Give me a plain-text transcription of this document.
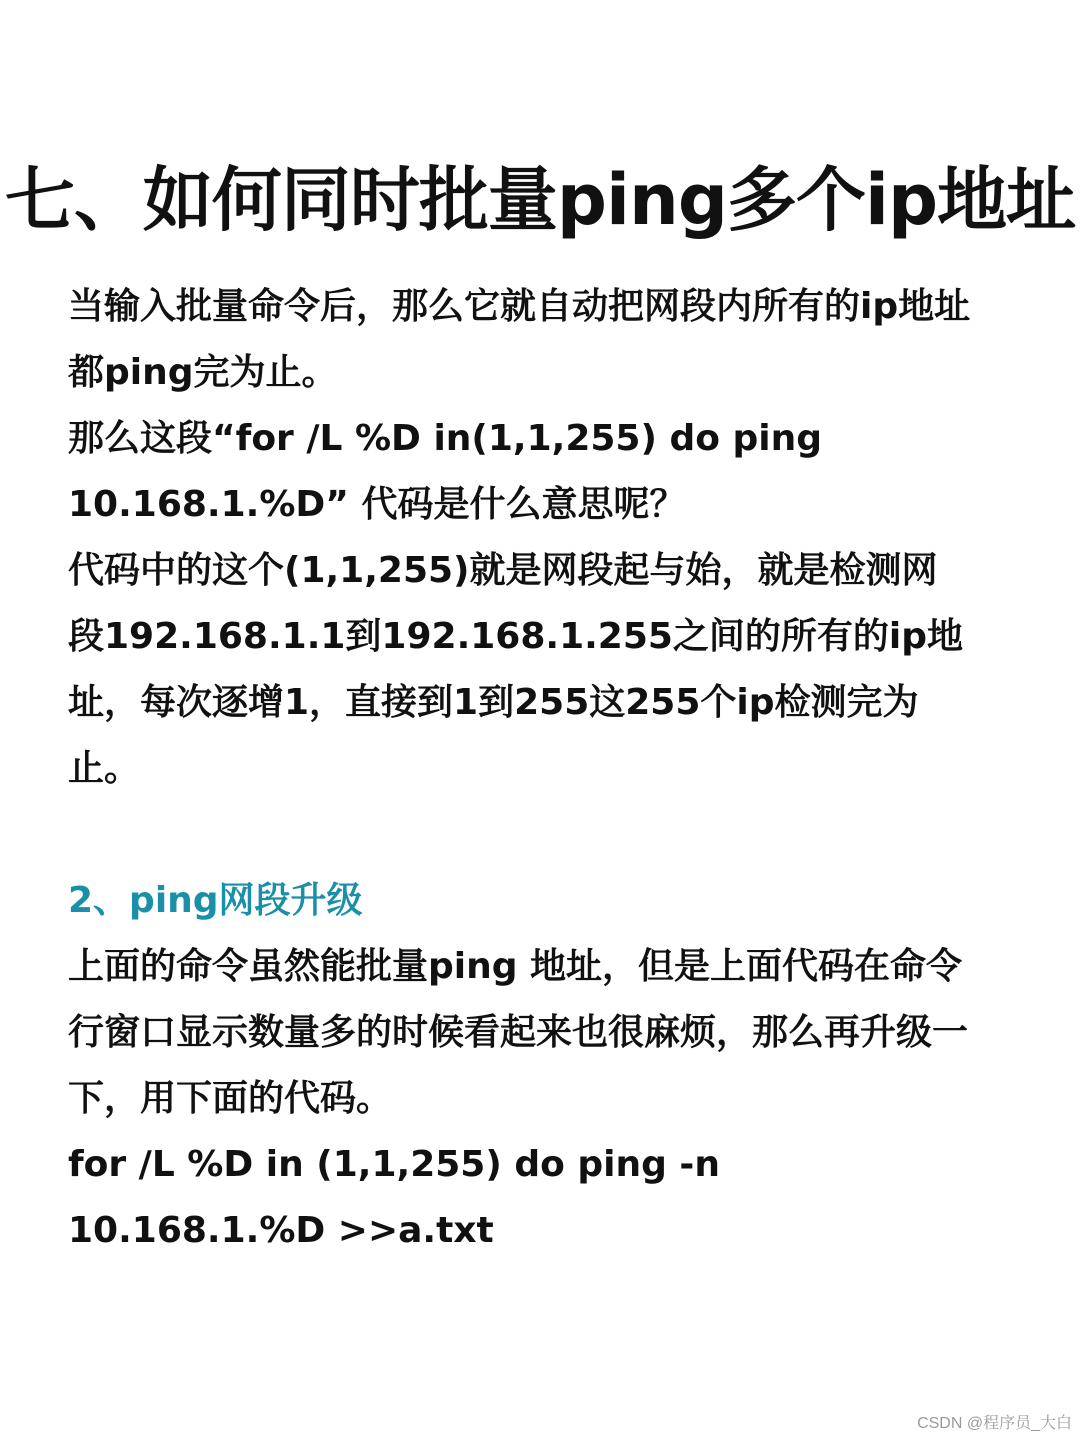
七、如何同时批量ping多个ip地址

当输入批量命令后，那么它就自动把网段内所有的ip地址
都ping完为止。

那么这段“for /L %D in(1,1,255) do ping
10.168.1.%D” 代码是什么意思呢？

代码中的这个(1,1,255)就是网段起与始，就是检测网
段192.168.1.1到192.168.1.255之间的所有的ip地
址，每次逐增1，直接到1到255这255个ip检测完为
止。

2、ping网段升级

上面的命令虽然能批量ping 地址，但是上面代码在命令
行窗口显示数量多的时候看起来也很麻烦，那么再升级一
下，用下面的代码。

for /L %D in (1,1,255) do ping -n
10.168.1.%D >>a.txt

CSDN @程序员_大白
